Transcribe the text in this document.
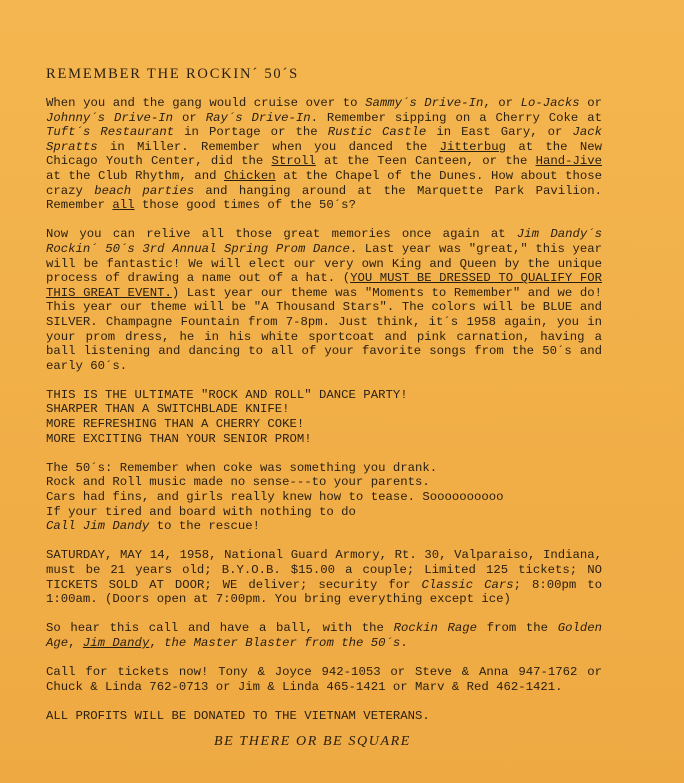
REMEMBER THE ROCKIN´ 50´S

When you and the gang would cruise over to Sammy´s Drive-In, or Lo-Jacks or Johnny´s Drive-In or Ray´s Drive-In. Remember sipping on a Cherry Coke at Tuft´s Restaurant in Portage or the Rustic Castle in East Gary, or Jack Spratts in Miller. Remember when you danced the Jitterbug at the New Chicago Youth Center, did the Stroll at the Teen Canteen, or the Hand-Jive at the Club Rhythm, and Chicken at the Chapel of the Dunes. How about those crazy beach parties and hanging around at the Marquette Park Pavilion. Remember all those good times of the 50´s?

Now you can relive all those great memories once again at Jim Dandy´s Rockin´ 50´s 3rd Annual Spring Prom Dance. Last year was "great," this year will be fantastic! We will elect our very own King and Queen by the unique process of drawing a name out of a hat. (YOU MUST BE DRESSED TO QUALIFY FOR THIS GREAT EVENT.) Last year our theme was "Moments to Remember" and we do! This year our theme will be "A Thousand Stars". The colors will be BLUE and SILVER. Champagne Fountain from 7-8pm. Just think, it´s 1958 again, you in your prom dress, he in his white sportcoat and pink carnation, having a ball listening and dancing to all of your favorite songs from the 50´s and early 60´s.

THIS IS THE ULTIMATE "ROCK AND ROLL" DANCE PARTY!

SHARPER THAN A SWITCHBLADE KNIFE!

MORE REFRESHING THAN A CHERRY COKE!

MORE EXCITING THAN YOUR SENIOR PROM!

The 50´s: Remember when coke was something you drank.

Rock and Roll music made no sense---to your parents.

Cars had fins, and girls really knew how to tease. Soooooooooo

If your tired and board with nothing to do

Call Jim Dandy to the rescue!

SATURDAY, MAY 14, 1958, National Guard Armory, Rt. 30, Valparaiso, Indiana, must be 21 years old; B.Y.O.B. $15.00 a couple; Limited 125 tickets; NO TICKETS SOLD AT DOOR; WE deliver; security for Classic Cars; 8:00pm to 1:00am. (Doors open at 7:00pm. You bring everything except ice)

So hear this call and have a ball, with the Rockin Rage from the Golden Age, Jim Dandy, the Master Blaster from the 50´s.

Call for tickets now! Tony & Joyce 942-1053 or Steve & Anna 947-1762 or Chuck & Linda 762-0713 or Jim & Linda 465-1421 or Marv & Red 462-1421.

ALL PROFITS WILL BE DONATED TO THE VIETNAM VETERANS.

BE THERE OR BE SQUARE
